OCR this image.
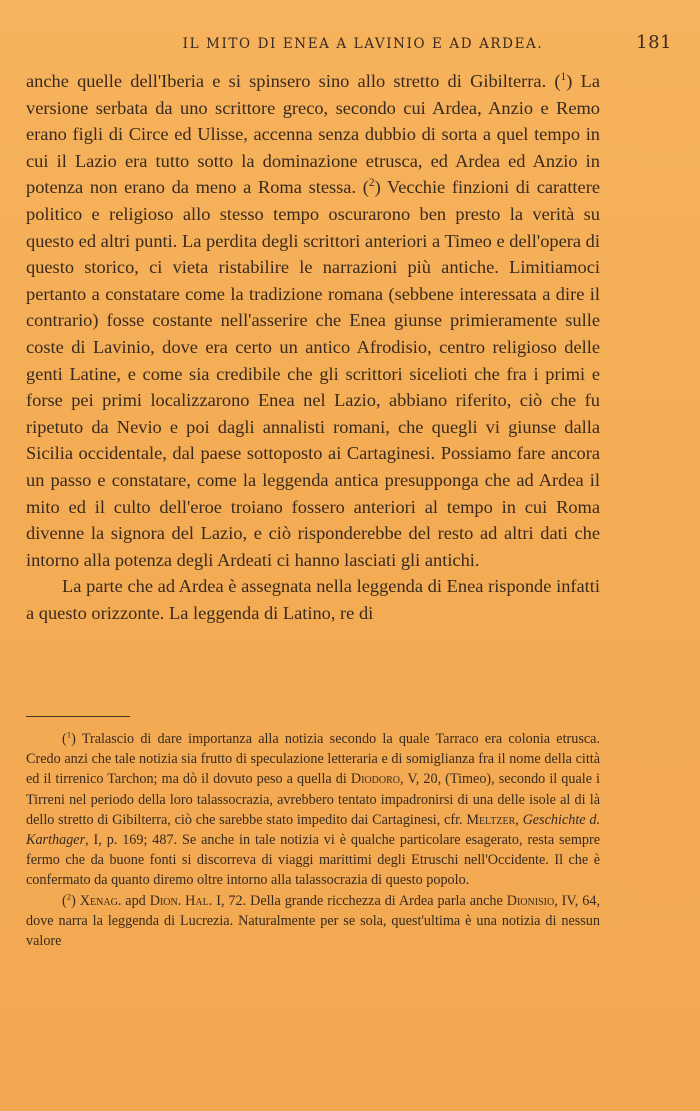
IL MITO DI ENEA A LAVINIO E AD ARDEA.	181

anche quelle dell'Iberia e si spinsero sino allo stretto di Gibilterra. ($^1$) La versione serbata da uno scrittore greco, secondo cui Ardea, Anzio e Remo erano figli di Circe ed Ulisse, accenna senza dubbio di sorta a quel tempo in cui il Lazio era tutto sotto la dominazione etrusca, ed Ardea ed Anzio in potenza non erano da meno a Roma stessa. ($^2$) Vecchie finzioni di carattere politico e religioso allo stesso tempo oscurarono ben presto la verità su questo ed altri punti. La perdita degli scrittori anteriori a Timeo e dell'opera di questo storico, ci vieta ristabilire le narrazioni più antiche. Limitiamoci pertanto a constatare come la tradizione romana (sebbene interessata a dire il contrario) fosse costante nell'asserire che Enea giunse primieramente sulle coste di Lavinio, dove era certo un antico Afrodisio, centro religioso delle genti Latine, e come sia credibile che gli scrittori sicelioti che fra i primi e forse pei primi localizzarono Enea nel Lazio, abbiano riferito, ciò che fu ripetuto da Nevio e poi dagli annalisti romani, che quegli vi giunse dalla Sicilia occidentale, dal paese sottoposto ai Cartaginesi. Possiamo fare ancora un passo e constatare, come la leggenda antica presupponga che ad Ardea il mito ed il culto dell'eroe troiano fossero anteriori al tempo in cui Roma divenne la signora del Lazio, e ciò risponderebbe del resto ad altri dati che intorno alla potenza degli Ardeati ci hanno lasciati gli antichi.

La parte che ad Ardea è assegnata nella leggenda di Enea risponde infatti a questo orizzonte. La leggenda di Latino, re di

($^1$) Tralascio di dare importanza alla notizia secondo la quale Tarraco era colonia etrusca. Credo anzi che tale notizia sia frutto di speculazione letteraria e di somiglianza fra il nome della città ed il tirrenico Tarchon; ma dò il dovuto peso a quella di Diodoro, V, 20, (Timeo), secondo il quale i Tirreni nel periodo della loro talassocrazia, avrebbero tentato impadronirsi di una delle isole al di là dello stretto di Gibilterra, ciò che sarebbe stato impedito dai Cartaginesi, cfr. Meltzer, Geschichte d. Karthager, I, p. 169; 487. Se anche in tale notizia vi è qualche particolare esagerato, resta sempre fermo che da buone fonti si discorreva di viaggi marittimi degli Etruschi nell'Occidente. Il che è confermato da quanto diremo oltre intorno alla talassocrazia di questo popolo.

($^2$) Xenag. apd Dion. Hal. I, 72. Della grande ricchezza di Ardea parla anche Dionisio, IV, 64, dove narra la leggenda di Lucrezia. Naturalmente per se sola, quest'ultima è una notizia di nessun valore
